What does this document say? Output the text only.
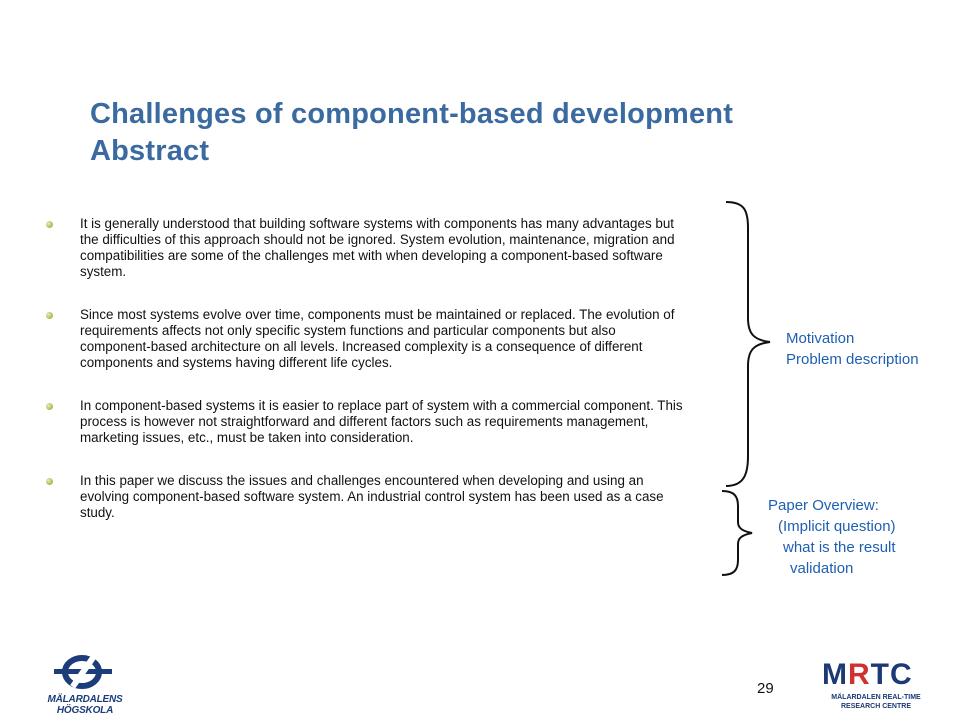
Challenges of component-based development
Abstract
It is generally understood that building software systems with components has many advantages but the difficulties of this approach should not be ignored. System evolution, maintenance, migration and compatibilities are some of the challenges met with when developing a component-based software system.
Since most systems evolve over time, components must be maintained or replaced. The evolution of requirements affects not only specific system functions and particular components but also component-based architecture on all levels. Increased complexity is a consequence of different components and systems having different life cycles.
In component-based systems it is easier to replace part of system with a commercial component. This process is however not straightforward and different factors such as requirements management, marketing issues, etc., must be taken into consideration.
In this paper we discuss the issues and challenges encountered when developing and using an evolving component-based software system. An industrial control system has been used as a case study.
Motivation
Problem description
Paper Overview:
(Implicit question)
what is the result
validation
29
MÄLARDALENS HÖGSKOLA
MRTC
MÄLARDALEN REAL-TIME
RESEARCH CENTRE
